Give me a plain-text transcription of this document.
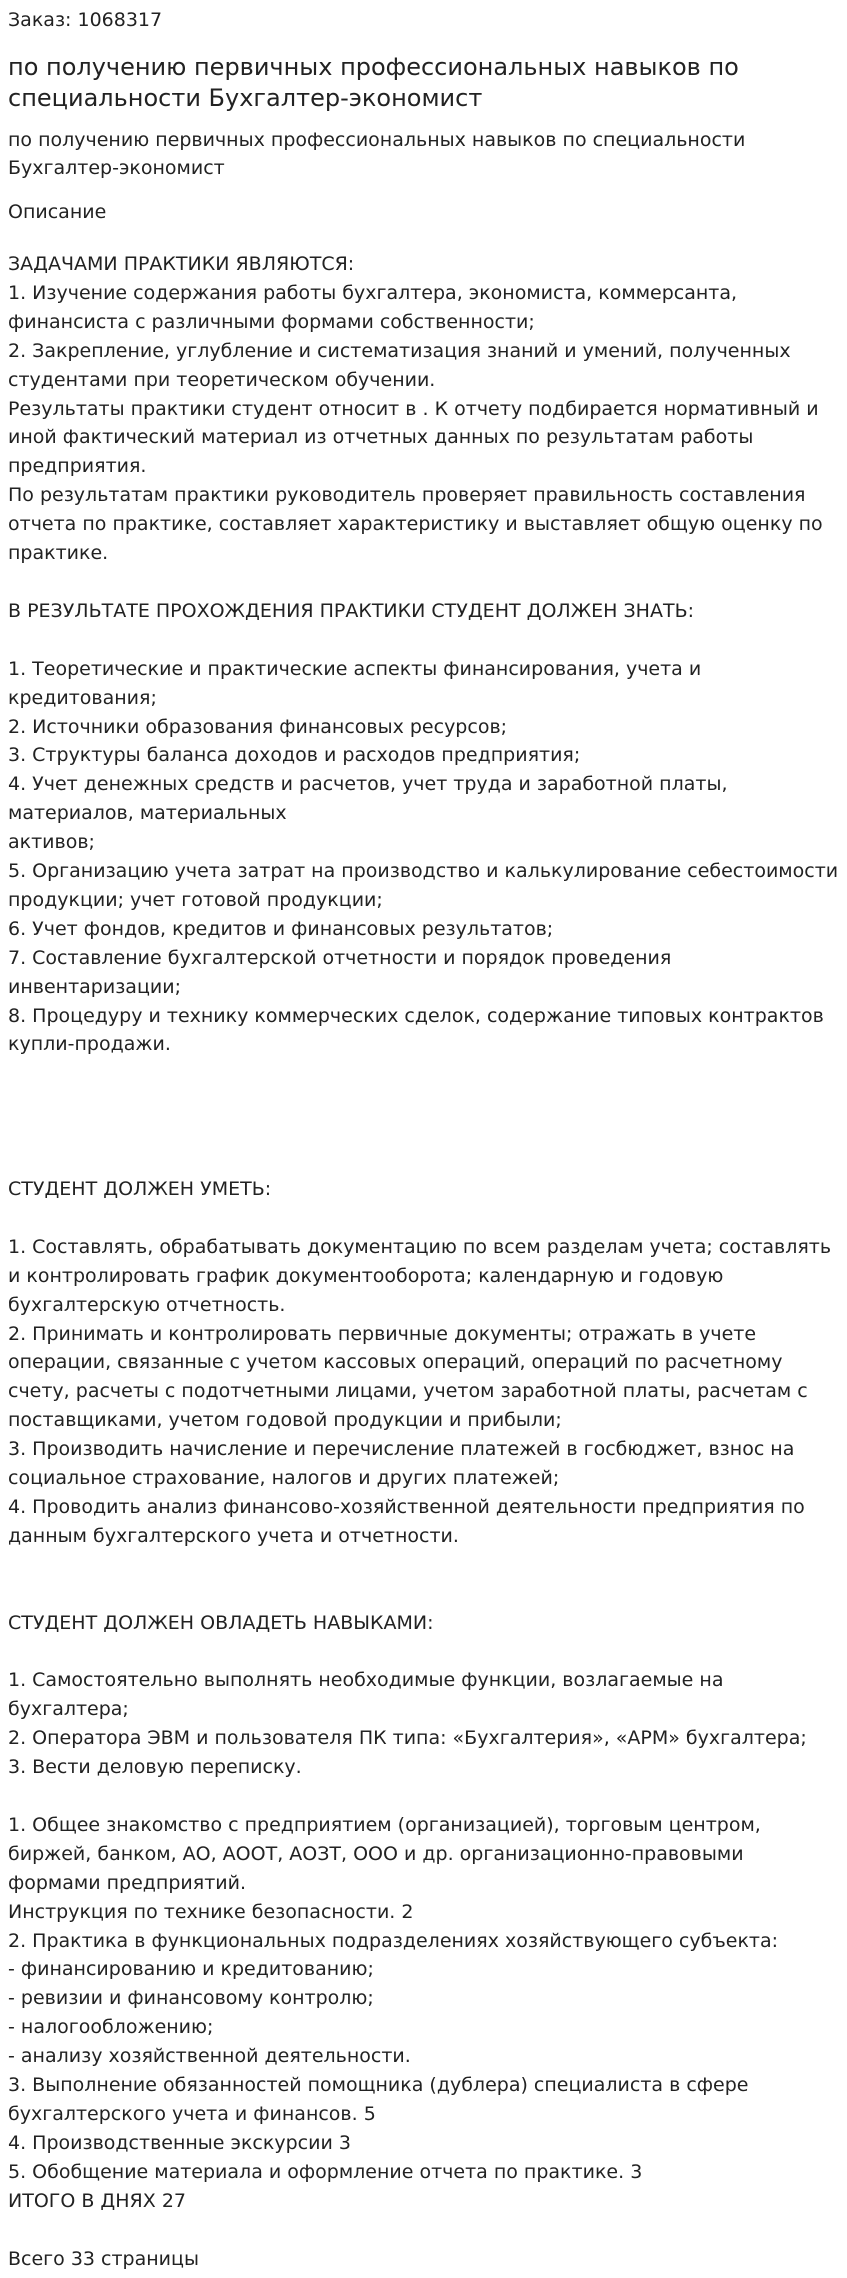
Заказ: 1068317
по получению первичных профессиональных навыков по специальности Бухгалтер-экономист
по получению первичных профессиональных навыков по специальности Бухгалтер-экономист
Описание
ЗАДАЧАМИ ПРАКТИКИ ЯВЛЯЮТСЯ:
1. Изучение содержания работы бухгалтера, экономиста, коммерсанта, финансиста с различными формами собственности;
2. Закрепление, углубление и систематизация знаний и умений, полученных студентами при теоретическом обучении.
Результаты практики студент относит в . К отчету подбирается нормативный и иной фактический материал из отчетных данных по результатам работы предприятия.
По результатам практики руководитель проверяет правильность составления отчета по практике, составляет характеристику и выставляет общую оценку по практике.

В РЕЗУЛЬТАТЕ ПРОХОЖДЕНИЯ ПРАКТИКИ СТУДЕНТ ДОЛЖЕН ЗНАТЬ:

1. Теоретические и практические аспекты финансирования, учета и кредитования;
2. Источники образования финансовых ресурсов;
3. Структуры баланса доходов и расходов предприятия;
4. Учет денежных средств и расчетов, учет труда и заработной платы, материалов, материальных
активов;
5. Организацию учета затрат на производство и калькулирование себестоимости продукции; учет готовой продукции;
6. Учет фондов, кредитов и финансовых результатов;
7. Составление бухгалтерской отчетности и порядок проведения инвентаризации;
8. Процедуру и технику коммерческих сделок, содержание типовых контрактов купли-продажи.

СТУДЕНТ ДОЛЖЕН УМЕТЬ:

1. Составлять, обрабатывать документацию по всем разделам учета; составлять и контролировать график документооборота; календарную и годовую бухгалтерскую отчетность.
2. Принимать и контролировать первичные документы; отражать в учете операции, связанные с учетом кассовых операций, операций по расчетному счету, расчеты с подотчетными лицами, учетом заработной платы, расчетам с поставщиками, учетом годовой продукции и прибыли;
3. Производить начисление и перечисление платежей в госбюджет, взнос на социальное страхование, налогов и других платежей;
4. Проводить анализ финансово-хозяйственной деятельности предприятия по данным бухгалтерского учета и отчетности.

СТУДЕНТ ДОЛЖЕН ОВЛАДЕТЬ НАВЫКАМИ:

1. Самостоятельно выполнять необходимые функции, возлагаемые на бухгалтера;
2. Оператора ЭВМ и пользователя ПК типа: «Бухгалтерия», «АРМ» бухгалтера;
3. Вести деловую переписку.

1. Общее знакомство с предприятием (организацией), торговым центром, биржей, банком, АО, АООТ, АОЗТ, ООО и др. организационно-правовыми формами предприятий.
Инструкция по технике безопасности. 2
2. Практика в функциональных подразделениях хозяйствующего субъекта:
- финансированию и кредитованию;
- ревизии и финансовому контролю;
- налогообложению;
- анализу хозяйственной деятельности.
3. Выполнение обязанностей помощника (дублера) специалиста в сфере бухгалтерского учета и финансов. 5
4. Производственные экскурсии 3
5. Обобщение материала и оформление отчета по практике. 3
ИТОГО В ДНЯХ 27

Всего 33 страницы
